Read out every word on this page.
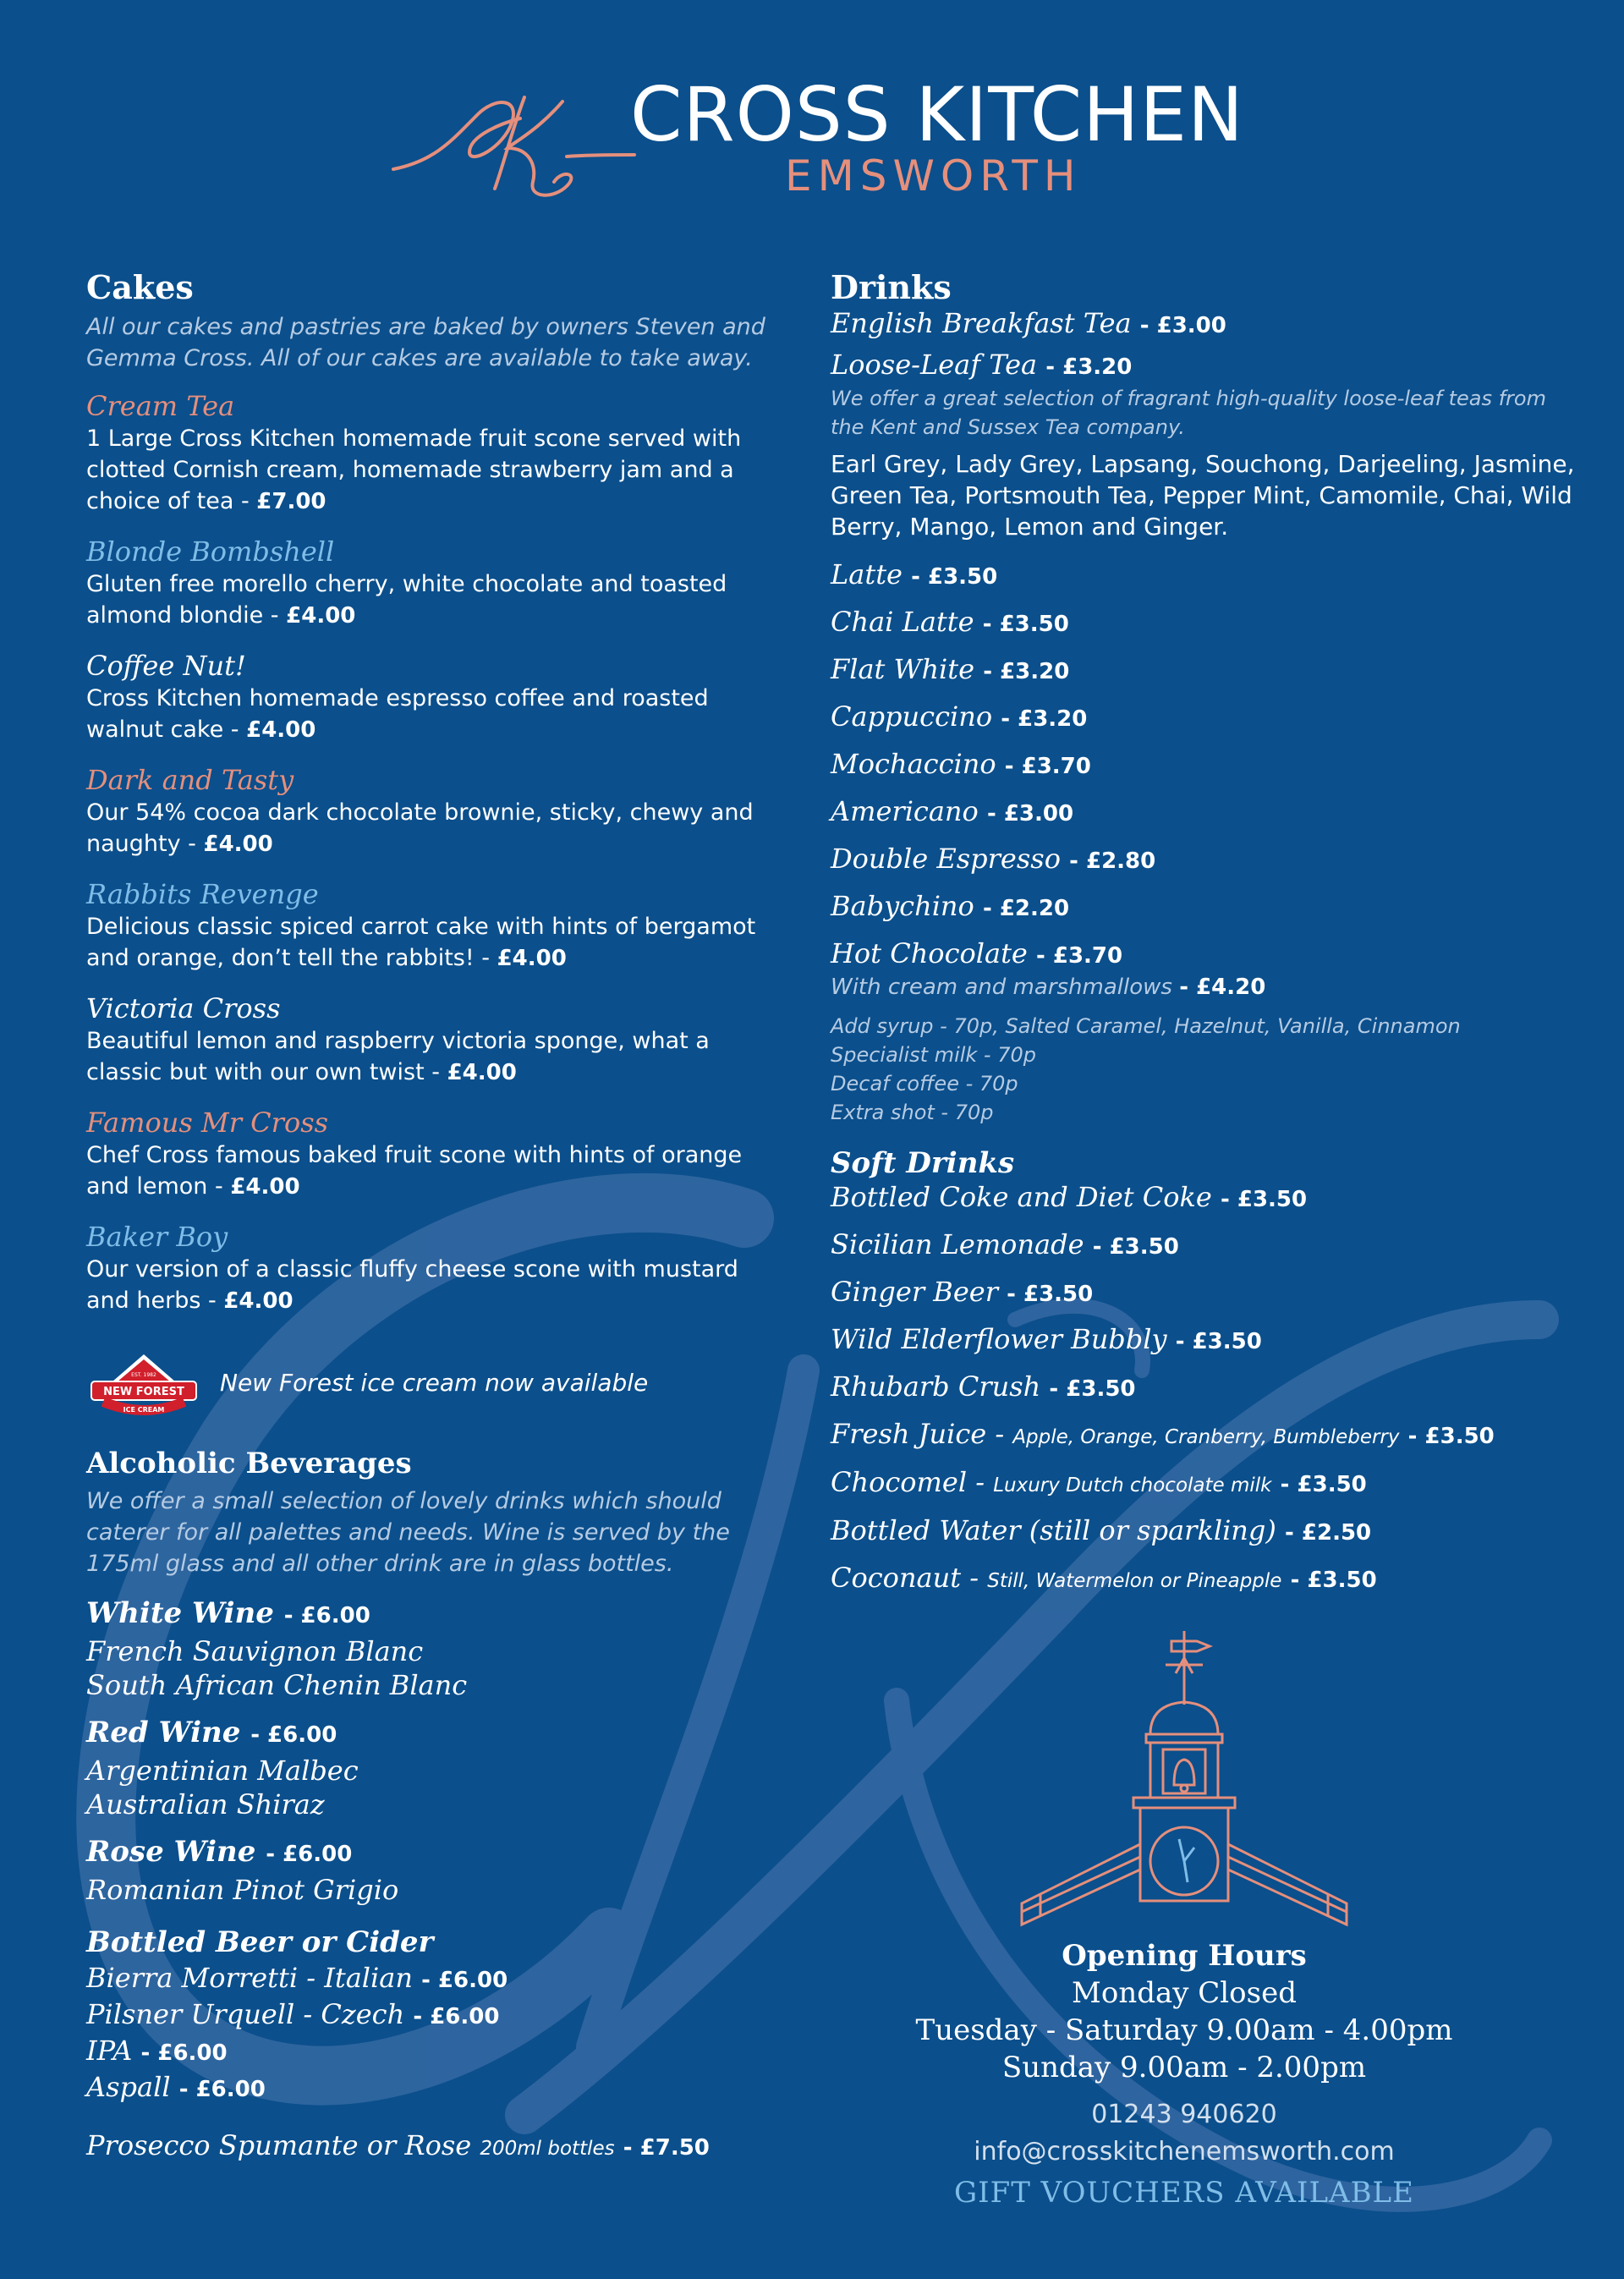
CROSS KITCHEN
EMSWORTH
Cakes
All our cakes and pastries are baked by owners Steven and Gemma Cross. All of our cakes are available to take away.
Cream Tea
1 Large Cross Kitchen homemade fruit scone served with clotted Cornish cream, homemade strawberry jam and a choice of tea - £7.00
Blonde Bombshell
Gluten free morello cherry, white chocolate and toasted almond blondie - £4.00
Coffee Nut!
Cross Kitchen homemade espresso coffee and roasted walnut cake - £4.00
Dark and Tasty
Our 54% cocoa dark chocolate brownie, sticky, chewy and naughty - £4.00
Rabbits Revenge
Delicious classic spiced carrot cake with hints of bergamot and orange, don’t tell the rabbits! - £4.00
Victoria Cross
Beautiful lemon and raspberry victoria sponge, what a classic but with our own twist - £4.00
Famous Mr Cross
Chef Cross famous baked fruit scone with hints of orange and lemon - £4.00
Baker Boy
Our version of a classic fluffy cheese scone with mustard and herbs - £4.00
NEW FOREST
EST. 1982
ICE CREAM
New Forest ice cream now available
Alcoholic Beverages
We offer a small selection of lovely drinks which should caterer for all palettes and needs. Wine is served by the 175ml glass and all other drink are in glass bottles.
White Wine - £6.00
French Sauvignon Blanc
South African Chenin Blanc
Red Wine - £6.00
Argentinian Malbec
Australian Shiraz
Rose Wine - £6.00
Romanian Pinot Grigio
Bottled Beer or Cider
Bierra Morretti - Italian - £6.00
Pilsner Urquell - Czech - £6.00
IPA - £6.00
Aspall - £6.00
Prosecco Spumante or Rose 200ml bottles - £7.50
Drinks
English Breakfast Tea - £3.00
Loose-Leaf Tea - £3.20
We offer a great selection of fragrant high-quality loose-leaf teas from the Kent and Sussex Tea company.
Earl Grey, Lady Grey, Lapsang, Souchong, Darjeeling, Jasmine, Green Tea, Portsmouth Tea, Pepper Mint, Camomile, Chai, Wild Berry, Mango, Lemon and Ginger.
Latte - £3.50
Chai Latte - £3.50
Flat White - £3.20
Cappuccino - £3.20
Mochaccino - £3.70
Americano - £3.00
Double Espresso - £2.80
Babychino - £2.20
Hot Chocolate - £3.70
With cream and marshmallows - £4.20
Add syrup - 70p, Salted Caramel, Hazelnut, Vanilla, Cinnamon
Specialist milk - 70p
Decaf coffee - 70p
Extra shot - 70p
Soft Drinks
Bottled Coke and Diet Coke - £3.50
Sicilian Lemonade - £3.50
Ginger Beer - £3.50
Wild Elderflower Bubbly - £3.50
Rhubarb Crush - £3.50
Fresh Juice - Apple, Orange, Cranberry, Bumbleberry - £3.50
Chocomel - Luxury Dutch chocolate milk - £3.50
Bottled Water (still or sparkling) - £2.50
Coconaut - Still, Watermelon or Pineapple - £3.50
Opening Hours
Monday Closed
Tuesday - Saturday 9.00am - 4.00pm
Sunday 9.00am - 2.00pm
01243 940620
info@crosskitchenemsworth.com
GIFT VOUCHERS AVAILABLE
